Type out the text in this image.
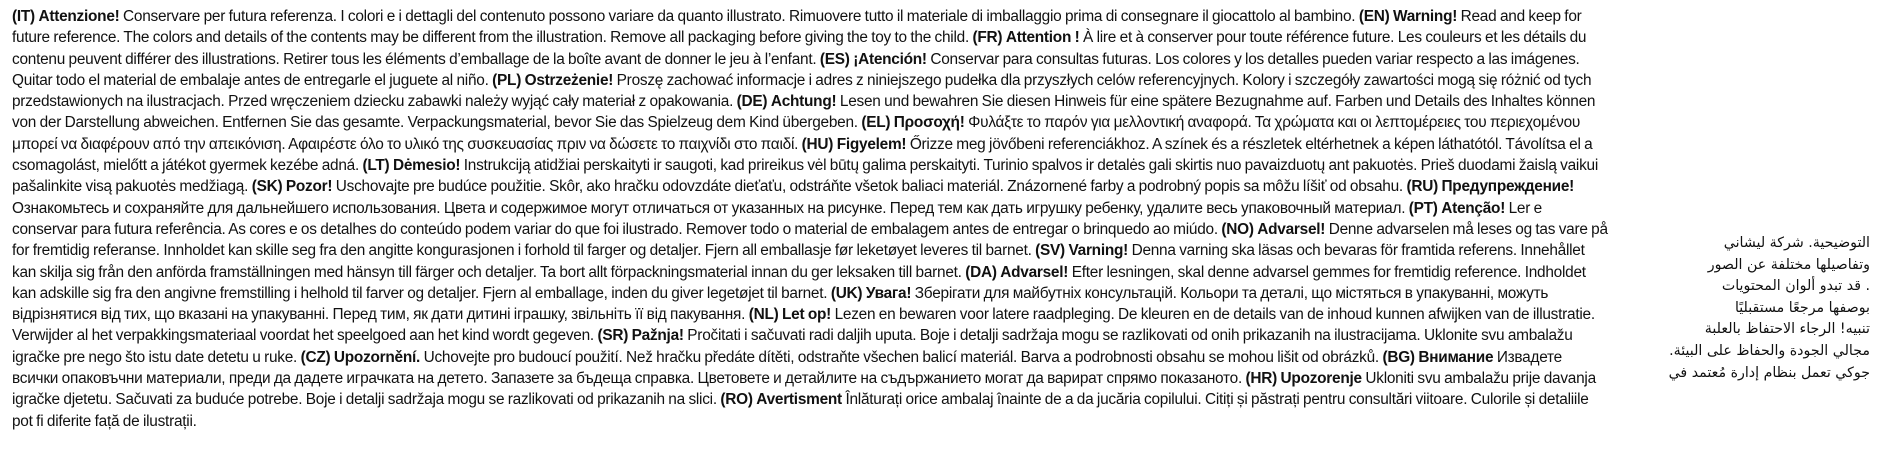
(IT) Attenzione! Conservare per futura referenza. I colori e i dettagli del contenuto possono variare da quanto illustrato. Rimuovere tutto il materiale di imballaggio prima di consegnare il giocattolo al bambino. (EN) Warning! Read and keep for future reference. The colors and details of the contents may be different from the illustration. Remove all packaging before giving the toy to the child. (FR) Attention ! À lire et à conserver pour toute référence future. Les couleurs et les détails du contenu peuvent différer des illustrations. Retirer tous les éléments d’emballage de la boîte avant de donner le jeu à l’enfant. (ES) ¡Atención! Conservar para consultas futuras. Los colores y los detalles pueden variar respecto a las imágenes. Quitar todo el material de embalaje antes de entregarle el juguete al niño. (PL) Ostrzeżenie! Proszę zachować informacje i adres z niniejszego pudełka dla przyszłych celów referencyjnych. Kolory i szczegóły zawartości mogą się różnić od tych przedstawionych na ilustracjach. Przed wręczeniem dziecku zabawki należy wyjąć cały materiał z opakowania. (DE) Achtung! Lesen und bewahren Sie diesen Hinweis für eine spätere Bezugnahme auf. Farben und Details des Inhaltes können von der Darstellung abweichen. Entfernen Sie das gesamte. Verpackungsmaterial, bevor Sie das Spielzeug dem Kind übergeben. (EL) Προσοχή! Φυλάξτε το παρόν για μελλοντική αναφορά. Τα χρώματα και οι λεπτομέρειες του περιεχομένου μπορεί να διαφέρουν από την απεικόνιση. Αφαιρέστε όλο το υλικό της συσκευασίας πριν να δώσετε το παιχνίδι στο παιδί. (HU) Figyelem! Őrizze meg jövőbeni referenciákhoz. A színek és a részletek eltérhetnek a képen láthatótól. Távolítsa el a csomagolást, mielőtt a játékot gyermek kezébe adná. (LT) Dėmesio! Instrukciją atidžiai perskaityti ir saugoti, kad prireikus vėl būtų galima perskaityti. Turinio spalvos ir detalės gali skirtis nuo pavaizduotų ant pakuotės. Prieš duodami žaislą vaikui pašalinkite visą pakuotės medžiagą. (SK) Pozor! Uschovajte pre budúce použitie. Skôr, ako hračku odovzdáte dieťaťu, odstráňte všetok baliaci materiál. Znázornené farby a podrobný popis sa môžu líšiť od obsahu. (RU) Предупреждение! Ознакомьтесь и сохраняйте для дальнейшего использования. Цвета и содержимое могут отличаться от указанных на рисунке. Перед тем как дать игрушку ребенку, удалите весь упаковочный материал. (PT) Atenção! Ler e conservar para futura referência. As cores e os detalhes do conteúdo podem variar do que foi ilustrado. Remover todo o material de embalagem antes de entregar o brinquedo ao miúdo. (NO) Advarsel! Denne advarselen må leses og tas vare på for fremtidig referanse. Innholdet kan skille seg fra den angitte kongurasjonen i forhold til farger og detaljer. Fjern all emballasje før leketøyet leveres til barnet. (SV) Varning! Denna varning ska läsas och bevaras för framtida referens. Innehållet kan skilja sig från den anförda framställningen med hänsyn till färger och detaljer. Ta bort allt förpackningsmaterial innan du ger leksaken till barnet. (DA) Advarsel! Efter lesningen, skal denne advarsel gemmes for fremtidig reference. Indholdet kan adskille sig fra den angivne fremstilling i helhold til farver og detaljer. Fjern al emballage, inden du giver legetøjet til barnet. (UK) Увага! Зберігати для майбутніх консультацій. Кольори та деталі, що містяться в упакуванні, можуть відрізнятися від тих, що вказані на упакуванні. Перед тим, як дати дитині іграшку, звільніть її від пакування. (NL) Let op! Lezen en bewaren voor latere raadpleging. De kleuren en de details van de inhoud kunnen afwijken van de illustratie. Verwijder al het verpakkingsmateriaal voordat het speelgoed aan het kind wordt gegeven. (SR) Pažnja! Pročitati i sačuvati radi daljih uputa. Boje i detalji sadržaja mogu se razlikovati od onih prikazanih na ilustracijama. Uklonite svu ambalažu igračke pre nego što istu date detetu u ruke. (CZ) Upozornění. Uchovejte pro budoucí použití. Než hračku předáte dítěti, odstraňte všechen balicí materiál. Barva a podrobnosti obsahu se mohou lišit od obrázků. (BG) Внимание Извадете всички опаковъчни материали, преди да дадете играчката на детето. Запазете за бъдеща справка. Цветовете и детайлите на съдържанието могат да варират спрямо показаното. (HR) Upozorenje Ukloniti svu ambalažu prije davanja igračke djetetu. Sačuvati za buduće potrebe. Boje i detalji sadržaja mogu se razlikovati od prikazanih na slici. (RO) Avertisment Înlăturați orice ambalaj înainte de a da jucăria copilului. Citiți și păstrați pentru consultări viitoare. Culorile și detaliile pot fi diferite față de ilustrații.
التوضيحية. شركة ليشاني
وتفاصيلها مختلفة عن الصور
. قد تبدو ألوان المحتويات
بوصفها مرجعًا مستقبليًا
تنبيه! الرجاء الاحتفاظ بالعلبة
مجالي الجودة والحفاظ على البيئة.
جوكي تعمل بنظام إدارة مُعتمد في
